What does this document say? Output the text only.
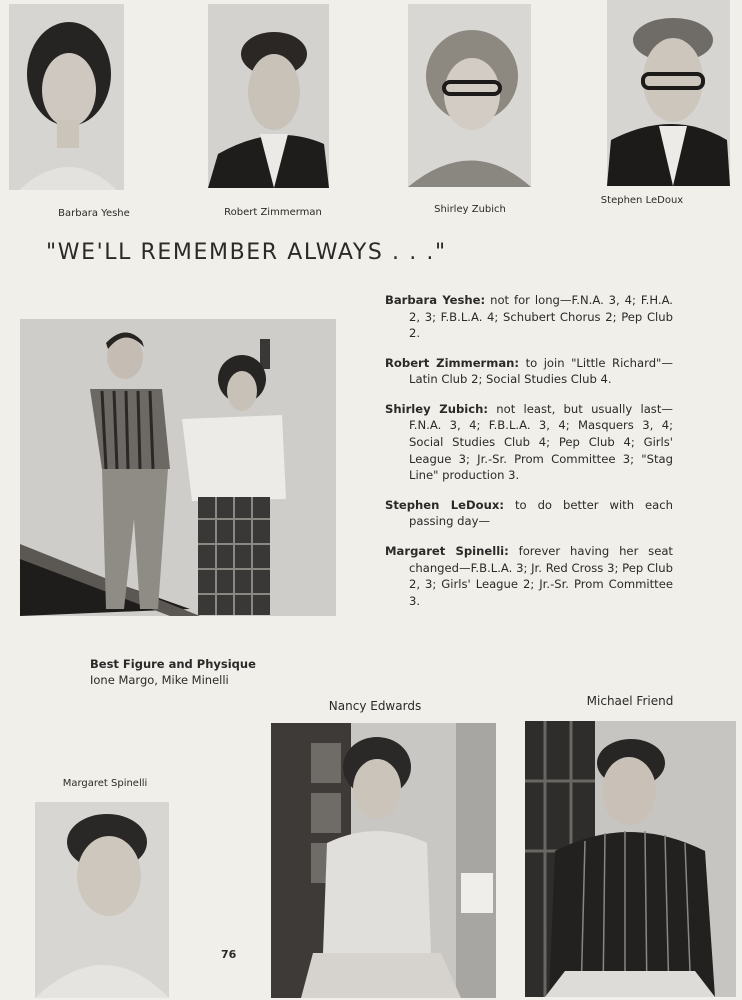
Barbara Yeshe	Robert Zimmerman	Shirley Zubich
Stephen LeDoux
"WE'LL REMEMBER ALWAYS . . ."

Barbara Yeshe: not for long—F.N.A. 3, 4; F.H.A. 2, 3; F.B.L.A. 4; Schubert Chorus 2; Pep Club 2.

Robert Zimmerman: to join "Little Richard"—Latin Club 2; Social Studies Club 4.

Shirley Zubich: not least, but usually last—F.N.A. 3, 4; F.B.L.A. 3, 4; Masquers 3, 4; Social Studies Club 4; Pep Club 4; Girls' League 3; Jr.-Sr. Prom Committee 3; "Stag Line" production 3.

Stephen LeDoux: to do better with each passing day—

Margaret Spinelli: forever having her seat changed—F.B.L.A. 3; Jr. Red Cross 3; Pep Club 2, 3; Girls' League 2; Jr.-Sr. Prom Committee 3.

Best Figure and Physique
Ione Margo, Mike Minelli
Margaret Spinelli
Nancy Edwards	Michael Friend
76
